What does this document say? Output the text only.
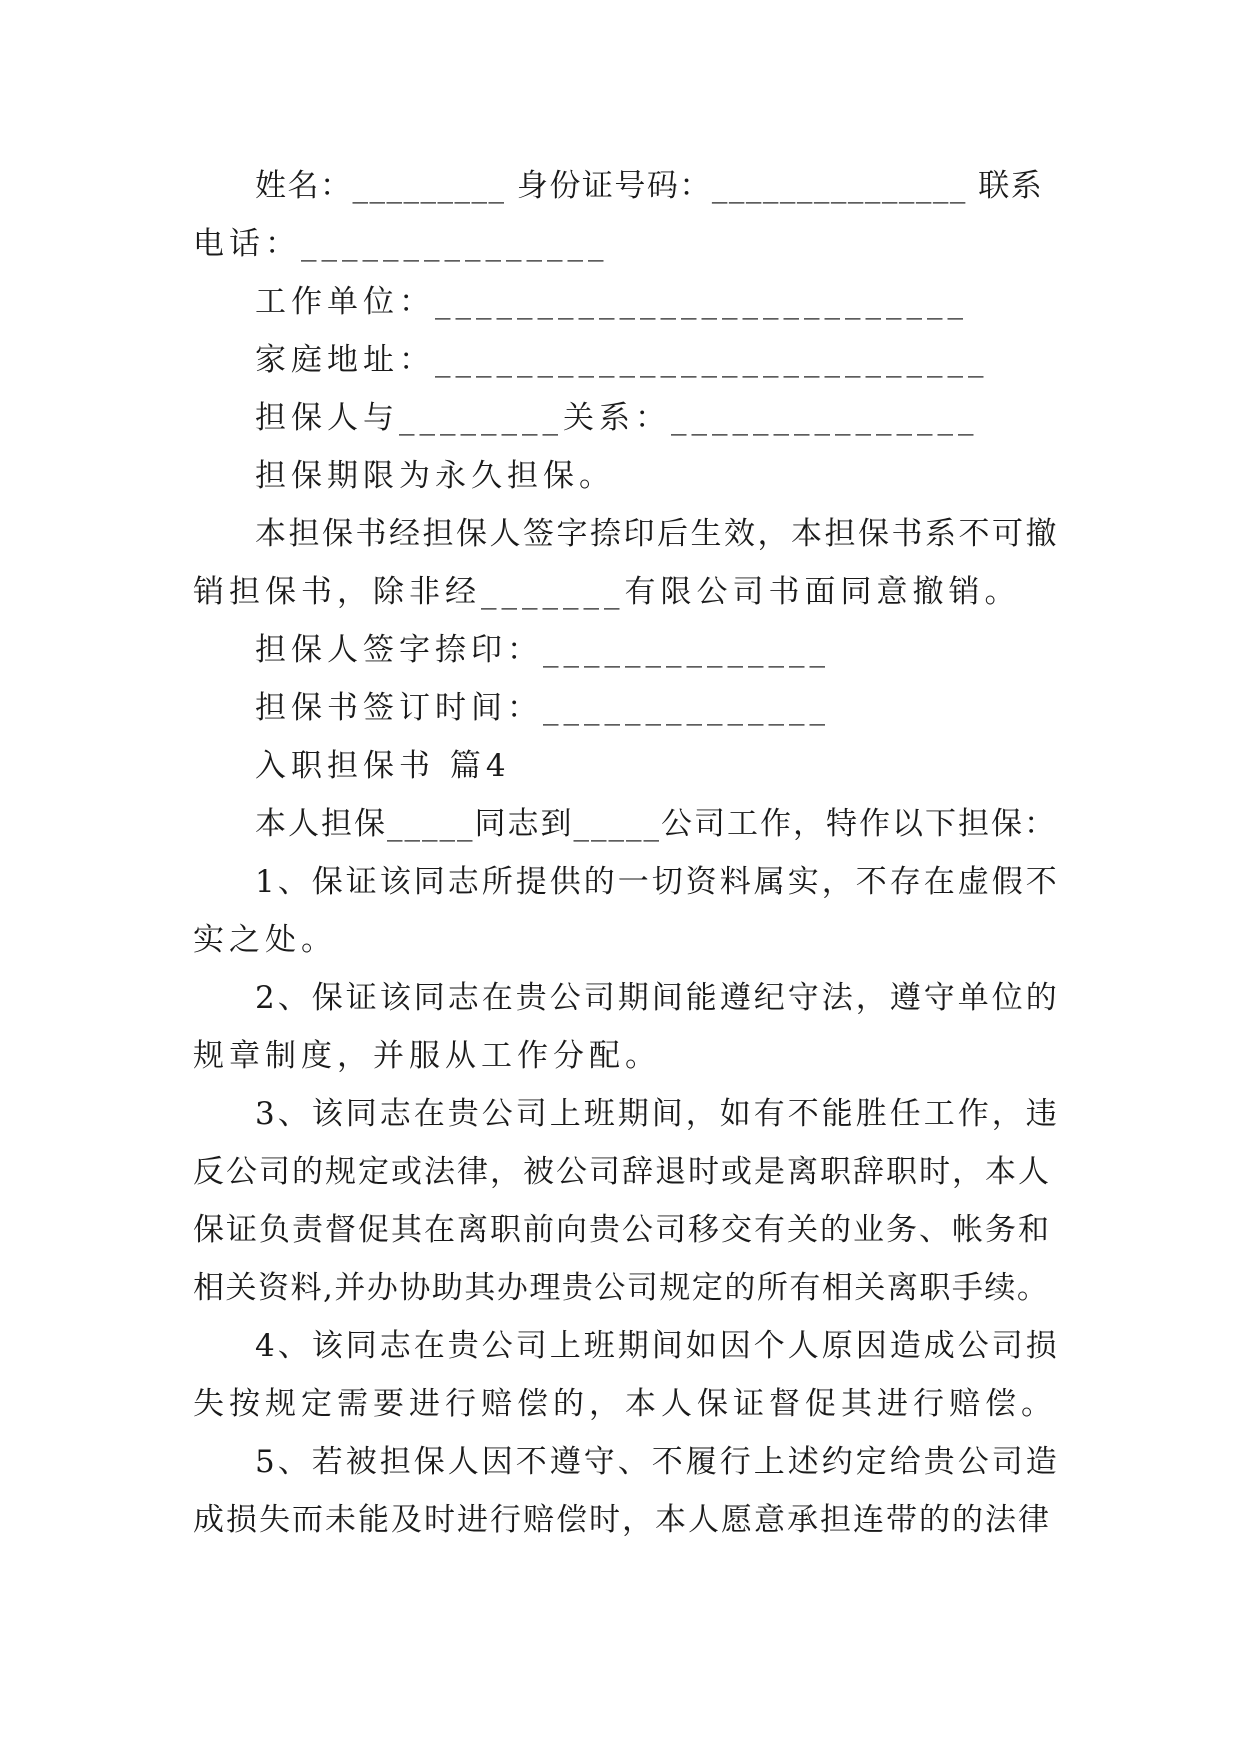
姓名：_________ 身份证号码：_______________ 联系
电话：_______________
工作单位：__________________________
家庭地址：___________________________
担保人与________关系：_______________
担保期限为永久担保。
本担保书经担保人签字捺印后生效，本担保书系不可撤
销担保书，除非经_______有限公司书面同意撤销。
担保人签字捺印：______________
担保书签订时间：______________
入职担保书 篇4
本人担保_____同志到_____公司工作，特作以下担保：
1、保证该同志所提供的一切资料属实，不存在虚假不
实之处。
2、保证该同志在贵公司期间能遵纪守法，遵守单位的
规章制度，并服从工作分配。
3、该同志在贵公司上班期间，如有不能胜任工作，违
反公司的规定或法律，被公司辞退时或是离职辞职时，本人
保证负责督促其在离职前向贵公司移交有关的业务、帐务和
相关资料,并办协助其办理贵公司规定的所有相关离职手续。
4、该同志在贵公司上班期间如因个人原因造成公司损
失按规定需要进行赔偿的，本人保证督促其进行赔偿。
5、若被担保人因不遵守、不履行上述约定给贵公司造
成损失而未能及时进行赔偿时，本人愿意承担连带的的法律
